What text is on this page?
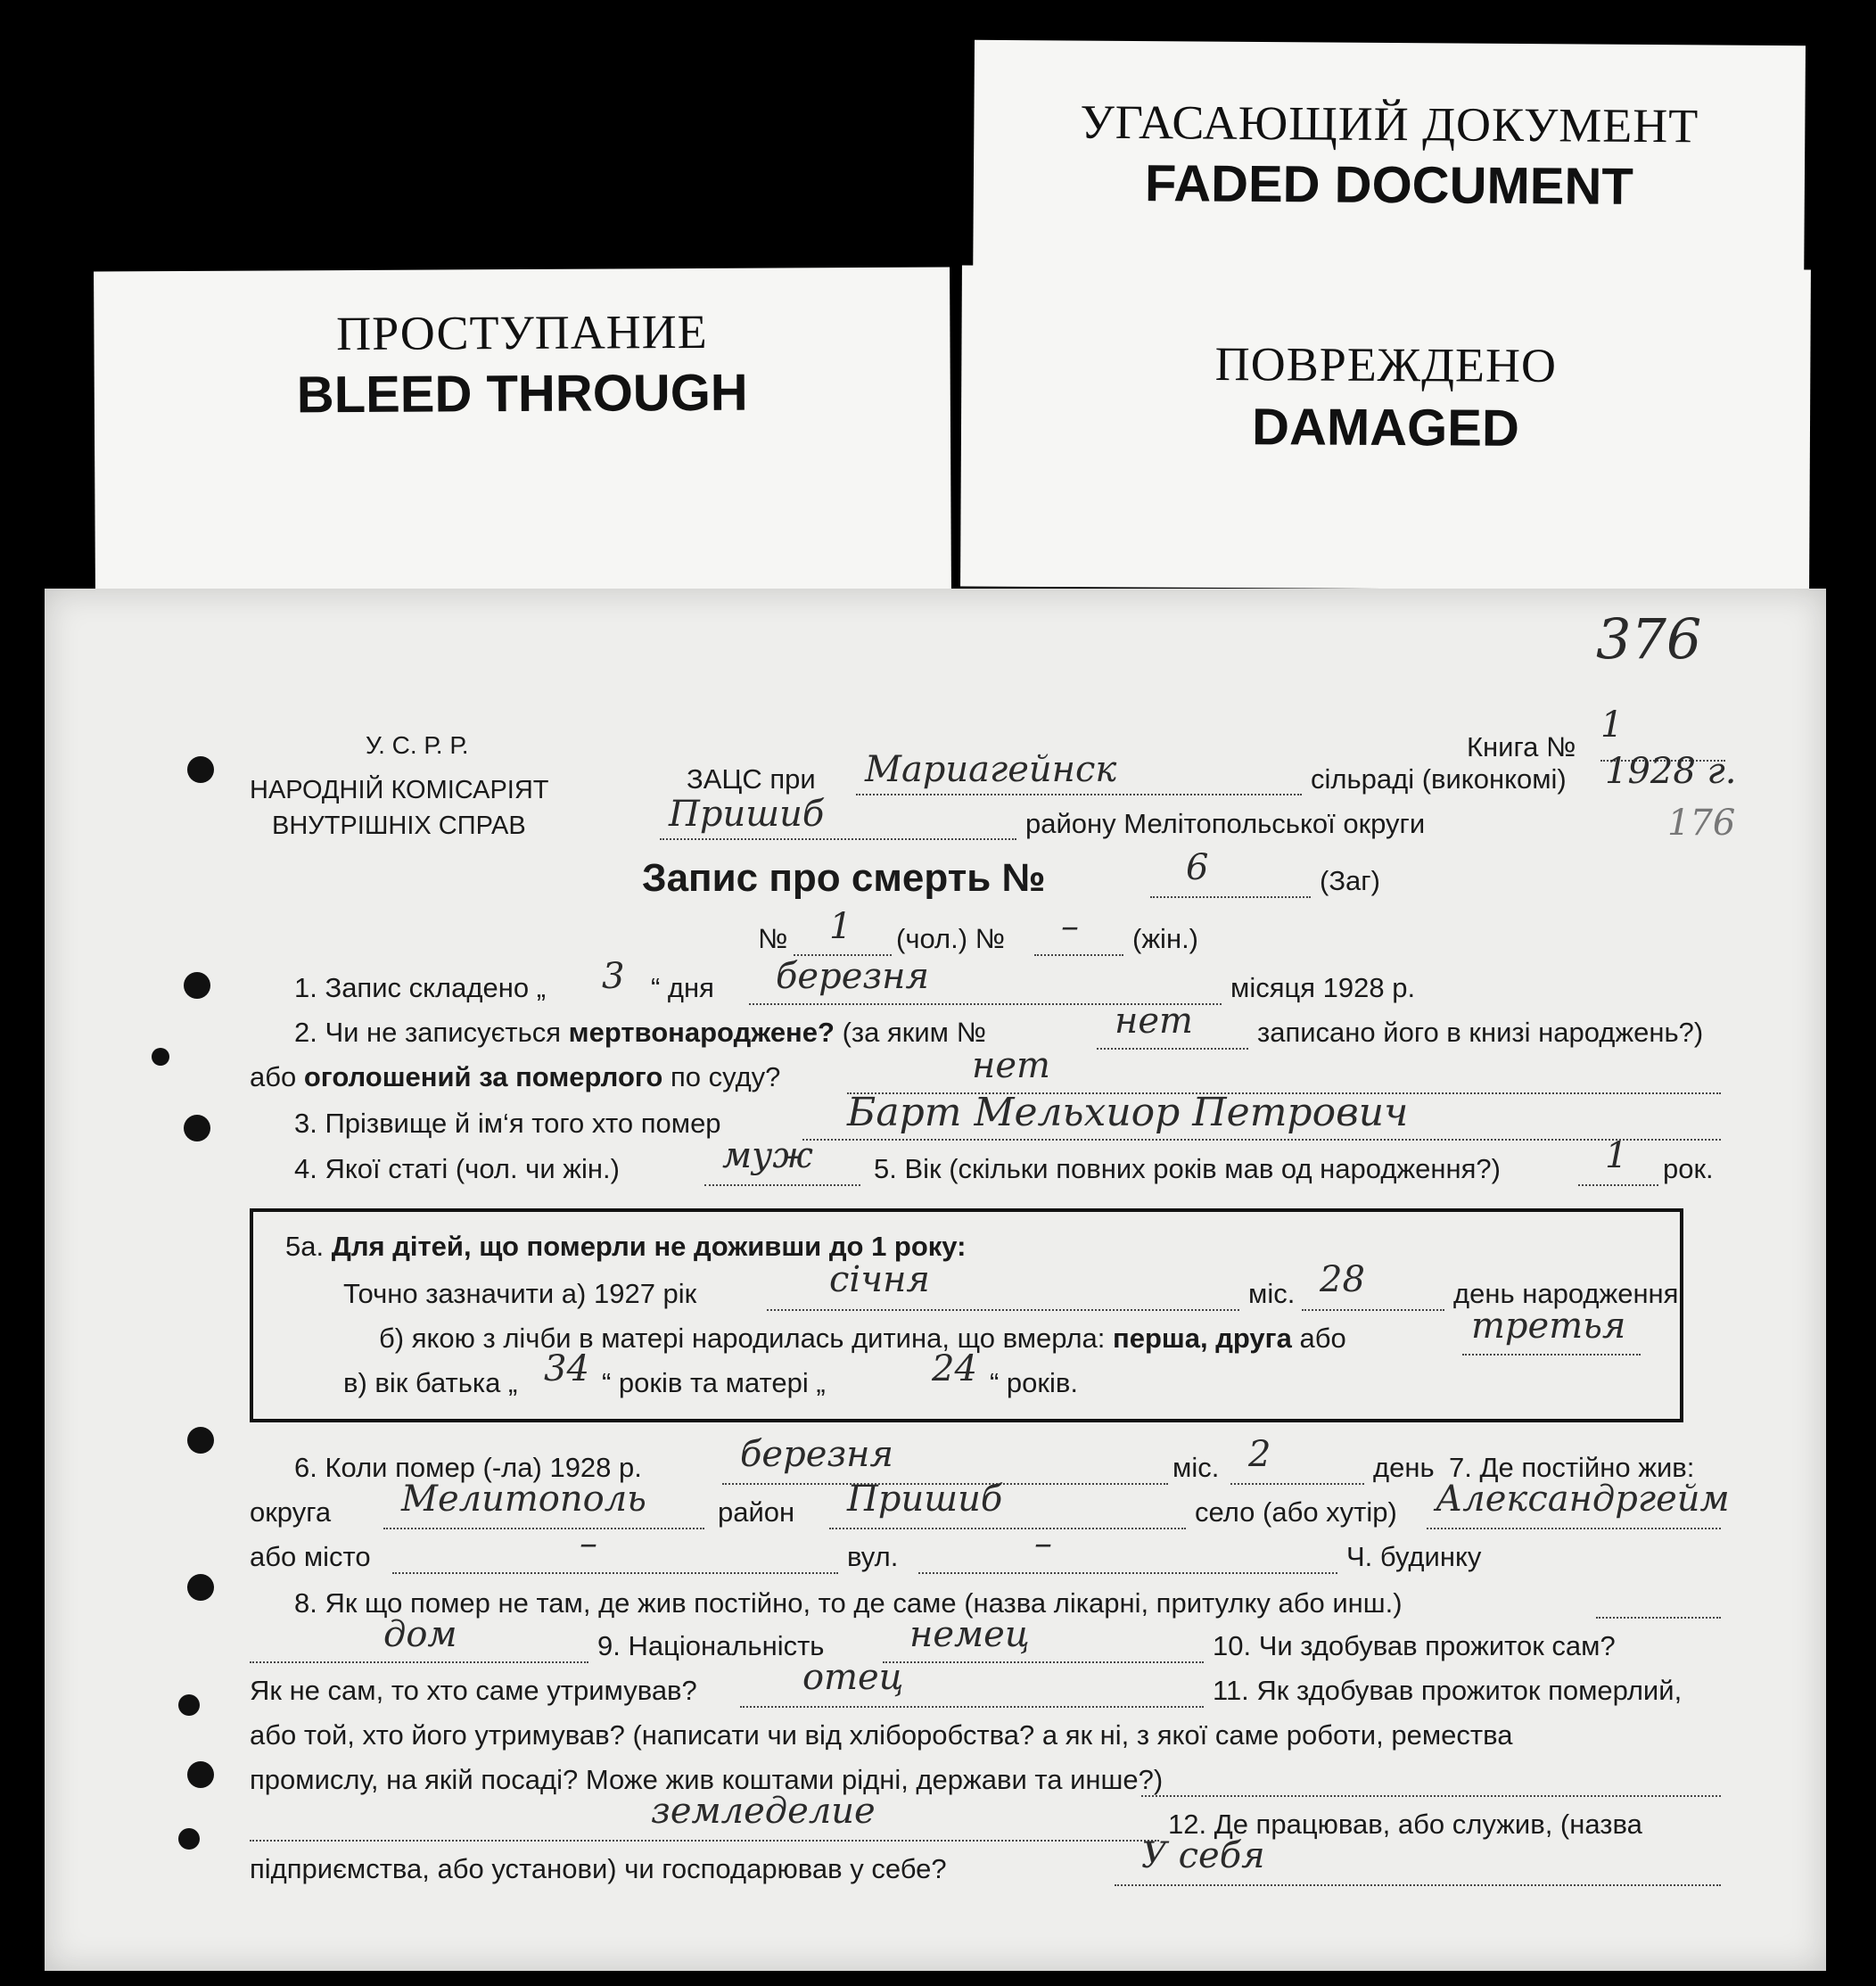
УГАСАЮЩИЙ ДОКУМЕНТ
FADED DOCUMENT
ПОВРЕЖДЕНО
DAMAGED
ПРОСТУПАНИЕ
BLEED THROUGH
376
176
У. С. Р. Р.
НАРОДНІЙ КОМІСАРІЯТ
ВНУТРІШНІХ СПРАВ
Книга №
1
ЗАЦС при Мариагейнск	сільраді (виконкомі) 1928 г.
Пришиб	району Мелітопольської округи
Запис про смерть №	6	(Заг)
№ 1 (чол.) № – (жін.)
1. Запис складено „ 3 “ дня березня	місяця 1928 р.
2. Чи не записується мертвонароджене? (за яким №	нет записано його в книзі народжень?)
або оголошений за померлого по суду?	нет
3. Прізвище й ім‘я того хто помер	Барт Мельхиор Петрович
4. Якої статі (чол. чи жін.)	муж 5. Вік (скільки повних років мав од народження?)	1 рок.
5а. Для дітей, що померли не доживши до 1 року:
Точно зазначити а) 1927 рік	січня	міс. 28	день народження
б) якою з лічби в матері народилась дитина, що вмерла: перша, друга або	третья
в) вік батька „ 34 “ років та матері „	24 “ років.
6. Коли помер (-ла) 1928 р.	березня	міс. 2	день 7. Де постійно жив:
округа Мелитополь	район Пришиб	село (або хутір) Александргейм
або місто	–	вул.	–	Ч. будинку
8. Як що помер не там, де жив постійно, то де саме (назва лікарні, притулку або инш.)
дом	9. Національність немец	10. Чи здобував прожиток сам?
Як не сам, то хто саме утримував?	отец	11. Як здобував прожиток померлий,
або той, хто його утримував? (написати чи від хліборобства? а як ні, з якої саме роботи, ремества
промислу, на якій посаді? Може жив коштами рідні, держави та инше?)
земледелие	12. Де працював, або служив, (назва
підприємства, або установи) чи господарював у себе?	У себя
